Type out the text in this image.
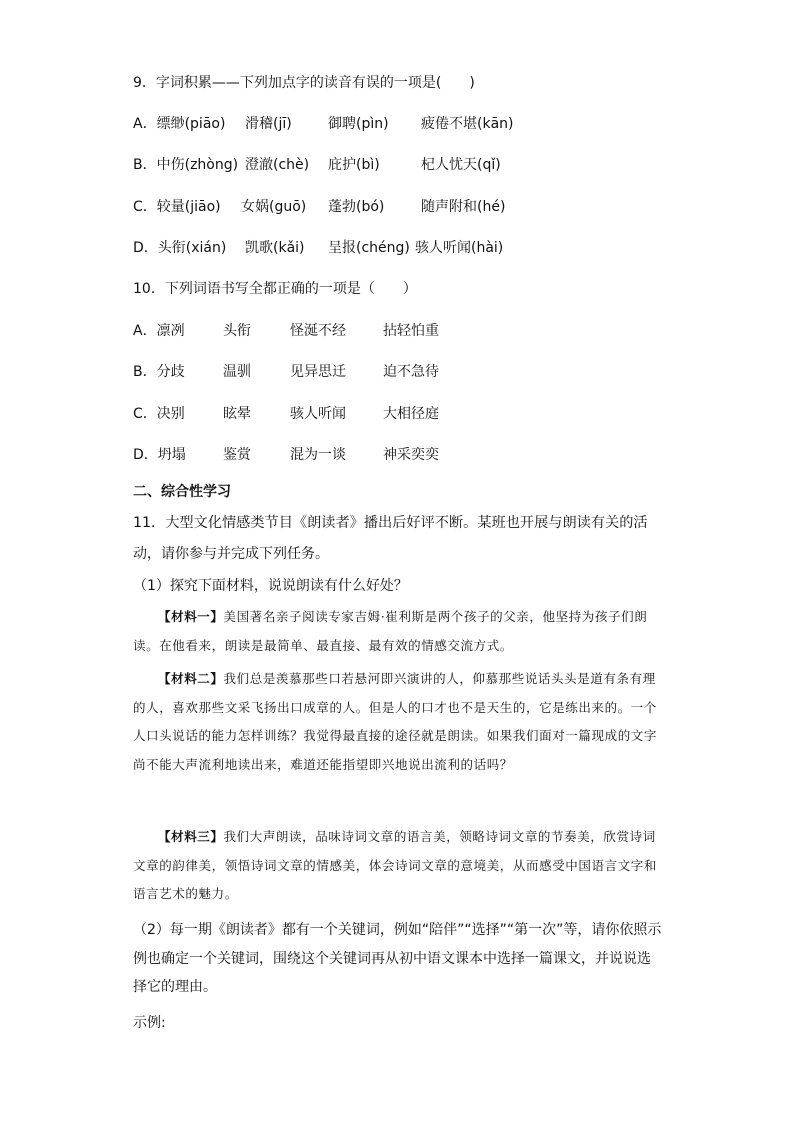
9．字词积累——下列加点字的读音有误的一项是(　　)
A．缥缈(piāo) 滑稽(jī)	御聘(pìn) 疲倦不堪(kān)
B．中伤(zhòng) 澄澈(chè) 庇护(bì)	杞人忧天(qǐ)
C．较量(jiāo) 女娲(guō) 蓬勃(bó)	随声附和(hé)
D．头衔(xián) 凯歌(kǎi) 呈报(chéng) 骇人听闻(hài)
10．下列词语书写全都正确的一项是（　　）
A．凛冽	头衔	怪涎不经	拈轻怕重
B．分歧	温驯	见异思迁	迫不急待
C．决别	眩晕	骇人听闻	大相径庭
D．坍塌	鉴赏	混为一谈	神采奕奕
二、综合性学习
11．大型文化情感类节目《朗读者》播出后好评不断。某班也开展与朗读有关的活
动，请你参与并完成下列任务。
（1）探究下面材料，说说朗读有什么好处？
【材料一】美国著名亲子阅读专家吉姆·崔利斯是两个孩子的父亲，他坚持为孩子们朗读。在他看来，朗读是最简单、最直接、最有效的情感交流方式。
【材料二】我们总是羡慕那些口若悬河即兴演讲的人，仰慕那些说话头头是道有条有理的人，喜欢那些文采飞扬出口成章的人。但是人的口才也不是天生的，它是练出来的。一个人口头说话的能力怎样训练？我觉得最直接的途径就是朗读。如果我们面对一篇现成的文字尚不能大声流利地读出来，难道还能指望即兴地说出流利的话吗？
【材料三】我们大声朗读，品味诗词文章的语言美，领略诗词文章的节奏美，欣赏诗词文章的韵律美，领悟诗词文章的情感美，体会诗词文章的意境美，从而感受中国语言文字和语言艺术的魅力。
（2）每一期《朗读者》都有一个关键词，例如“陪伴”“选择”“第一次”等，请你依照示例也确定一个关键词，围绕这个关键词再从初中语文课本中选择一篇课文，并说说选择它的理由。
示例:
